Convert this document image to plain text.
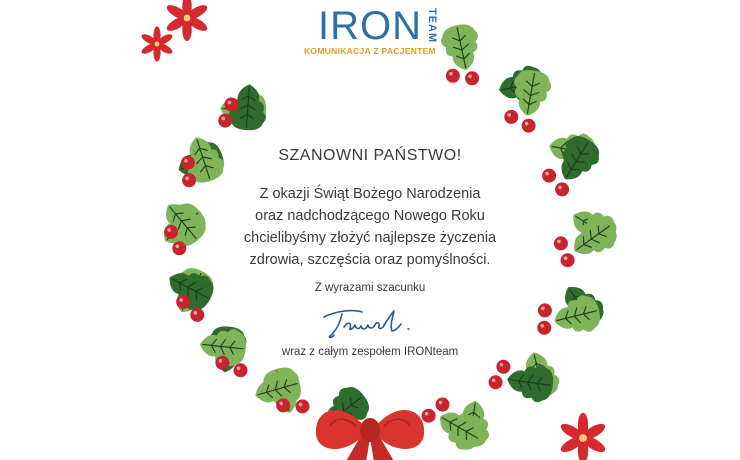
IRON TEAM
KOMUNIKACJA Z PACJENTEM
SZANOWNI PAŃSTWO!
Z okazji Świąt Bożego Narodzenia
oraz nadchodzącego Nowego Roku
chcielibyśmy złożyć najlepsze życzenia
zdrowia, szczęścia oraz pomyślności.
Z wyrazami szacunku
wraz z całym zespołem IRONteam
